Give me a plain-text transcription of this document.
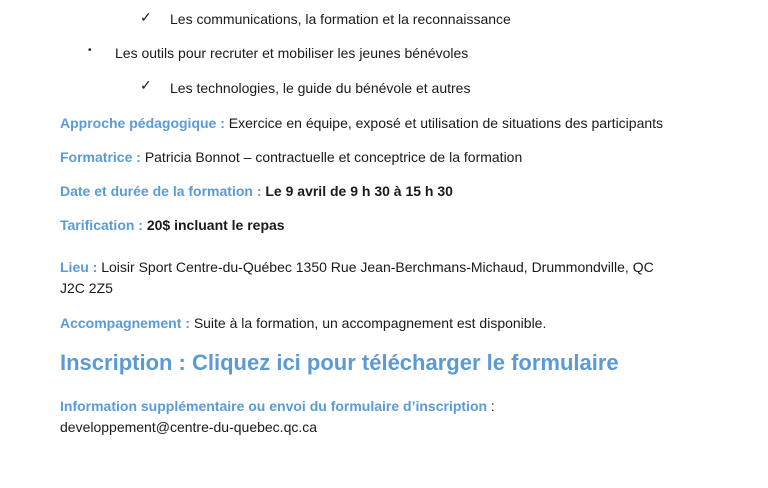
✓ Les communications, la formation et la reconnaissance
• Les outils pour recruter et mobiliser les jeunes bénévoles
✓ Les technologies, le guide du bénévole et autres
Approche pédagogique : Exercice en équipe, exposé et utilisation de situations des participants
Formatrice : Patricia Bonnot – contractuelle et conceptrice de la formation
Date et durée de la formation : Le 9 avril de 9 h 30 à 15 h 30
Tarification : 20$ incluant le repas
Lieu : Loisir Sport Centre-du-Québec 1350 Rue Jean-Berchmans-Michaud, Drummondville, QC
J2C 2Z5
Accompagnement : Suite à la formation, un accompagnement est disponible.
Inscription : Cliquez ici pour télécharger le formulaire
Information supplémentaire ou envoi du formulaire d’inscription :
developpement@centre-du-quebec.qc.ca
